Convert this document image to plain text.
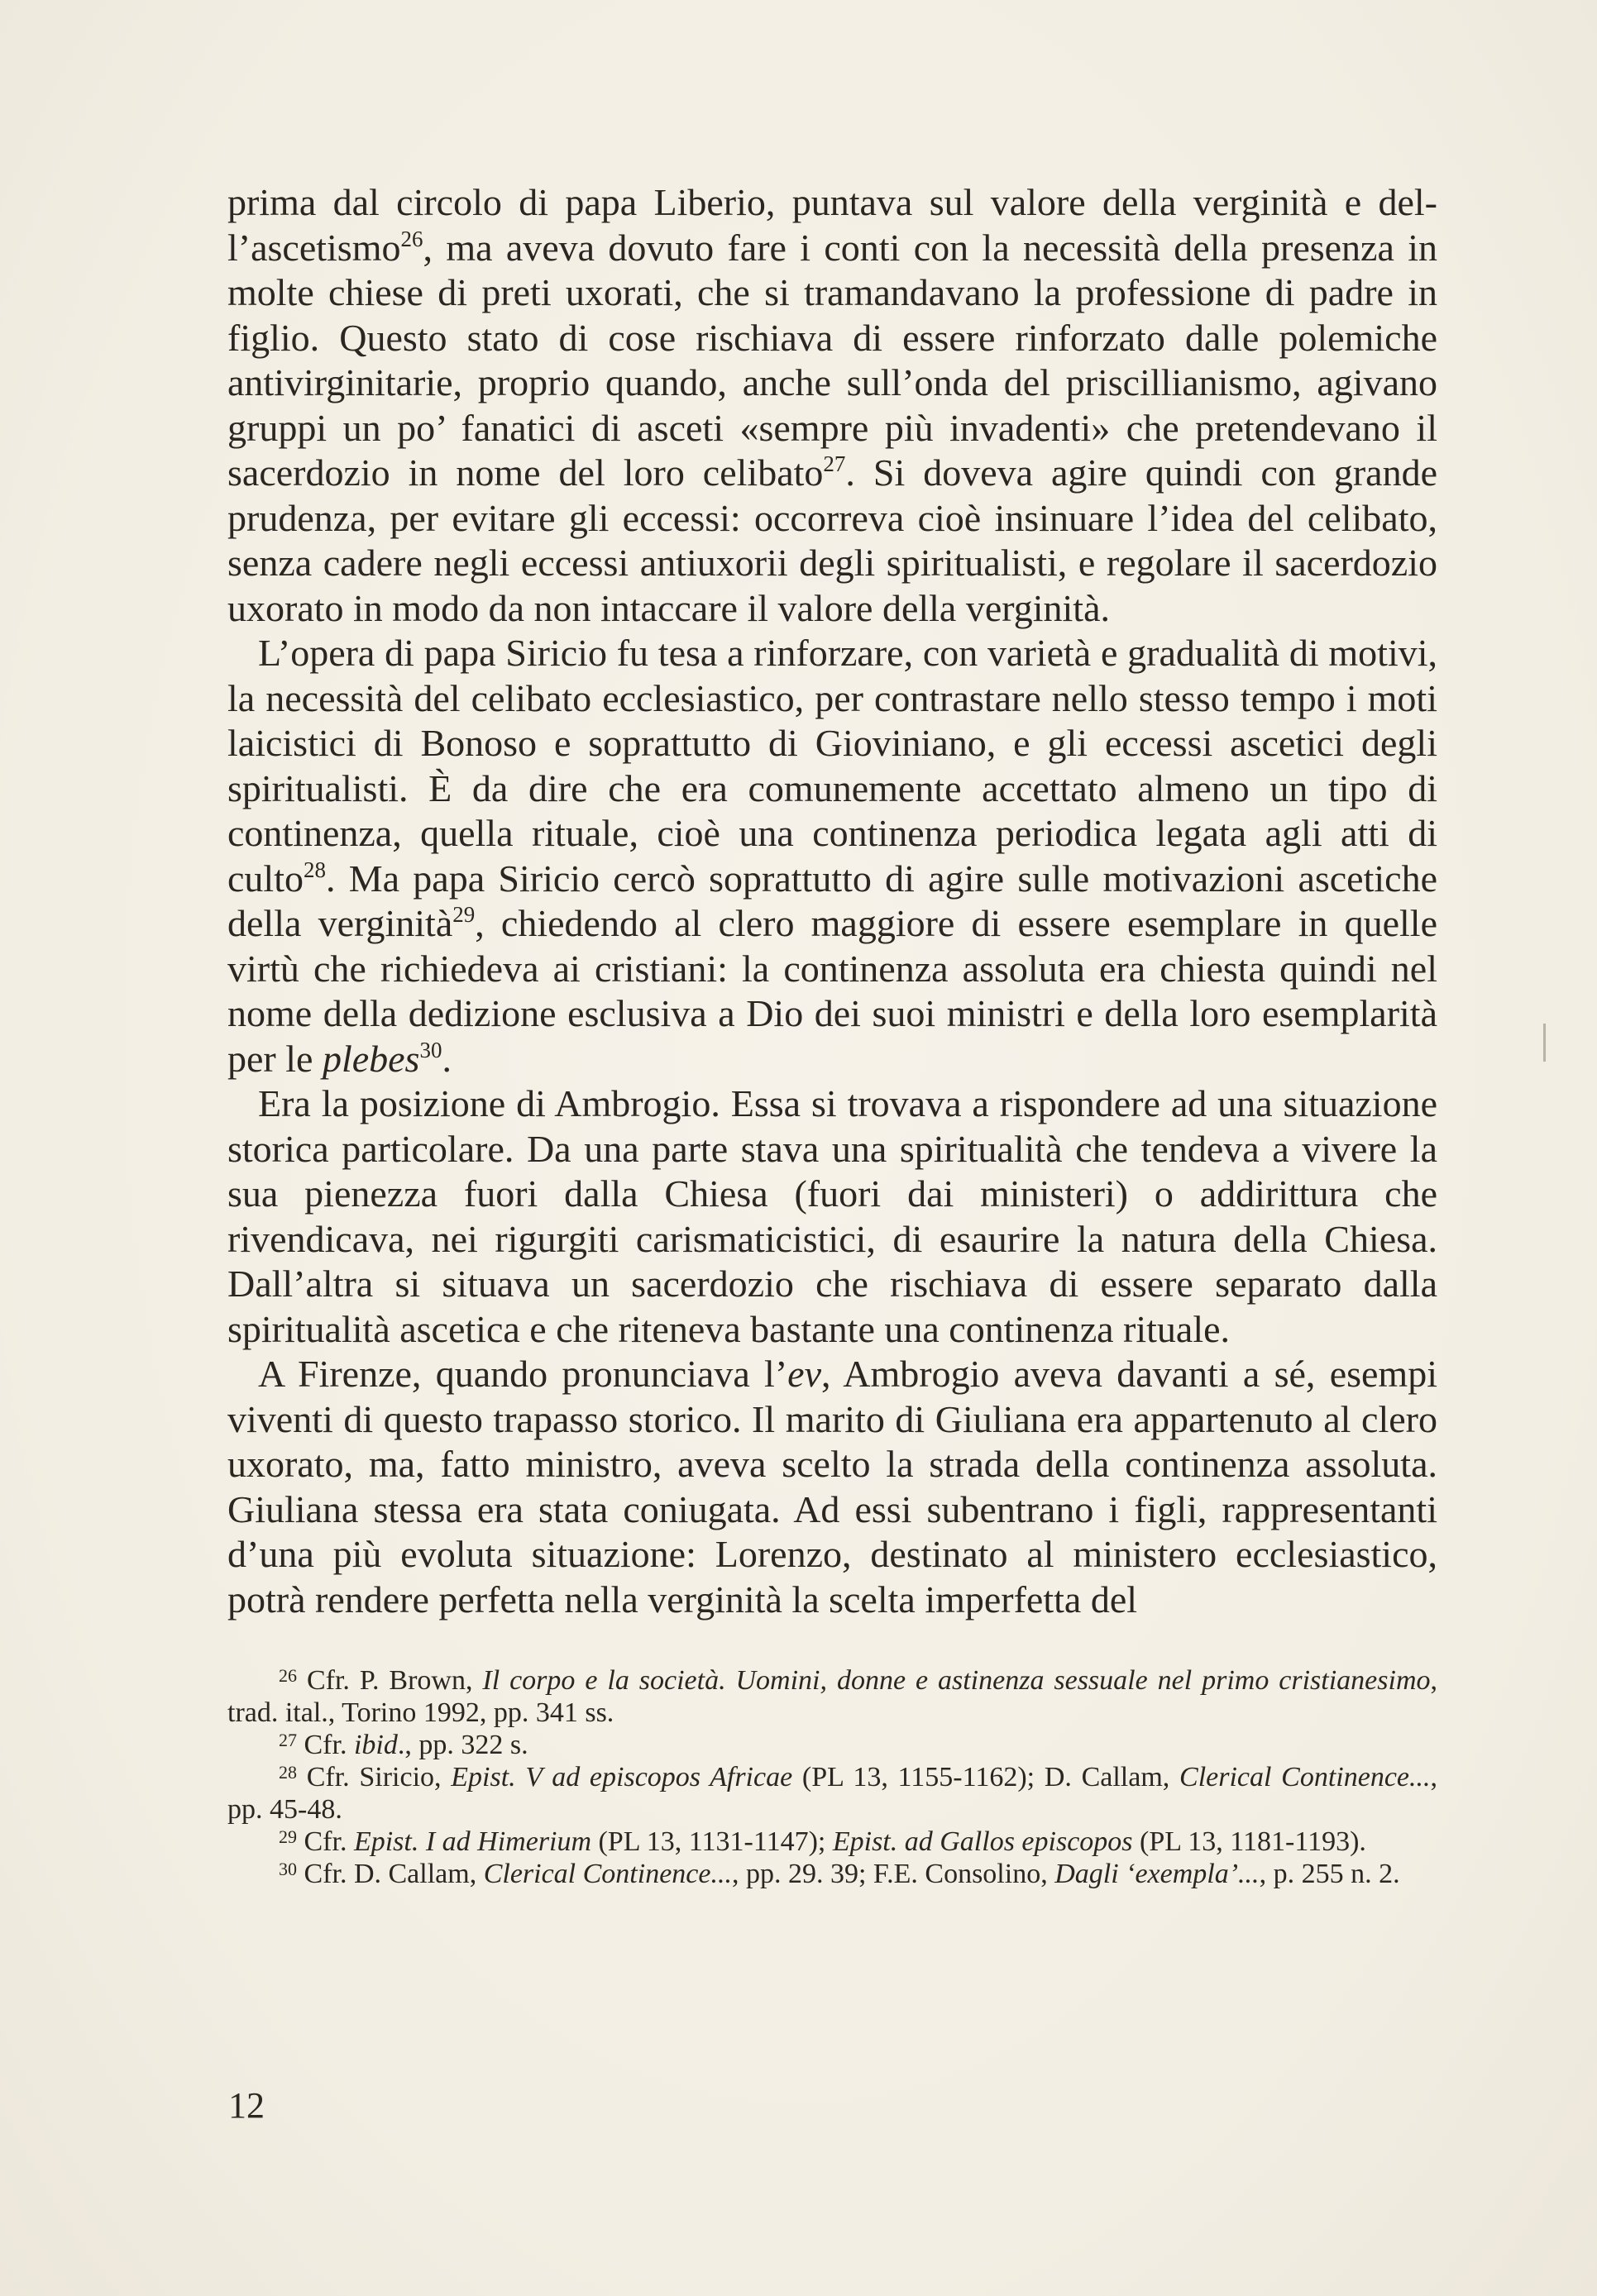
prima dal circolo di papa Liberio, puntava sul valore della verginità e dell’ascetismo$^{26}$, ma aveva dovuto fare i conti con la necessità della presenza in molte chiese di preti uxorati, che si tramandavano la professione di padre in figlio. Questo stato di cose rischiava di essere rinforzato dalle polemiche antivirginitarie, proprio quando, anche sull’onda del priscillianismo, agivano gruppi un po’ fanatici di asceti «sempre più invadenti» che pretendevano il sacerdozio in nome del loro celibato$^{27}$. Si doveva agire quindi con grande prudenza, per evitare gli eccessi: occorreva cioè insinuare l’idea del celibato, senza cadere negli eccessi antiuxorii degli spiritualisti, e regolare il sacerdozio uxorato in modo da non intaccare il valore della verginità.

L’opera di papa Siricio fu tesa a rinforzare, con varietà e gradualità di motivi, la necessità del celibato ecclesiastico, per contrastare nello stesso tempo i moti laicistici di Bonoso e soprattutto di Gioviniano, e gli eccessi ascetici degli spiritualisti. È da dire che era comunemente accettato almeno un tipo di continenza, quella rituale, cioè una continenza periodica legata agli atti di culto$^{28}$. Ma papa Siricio cercò soprattutto di agire sulle motivazioni ascetiche della verginità$^{29}$, chiedendo al clero maggiore di essere esemplare in quelle virtù che richiedeva ai cristiani: la continenza assoluta era chiesta quindi nel nome della dedizione esclusiva a Dio dei suoi ministri e della loro esemplarità per le plebes$^{30}$.

Era la posizione di Ambrogio. Essa si trovava a rispondere ad una situazione storica particolare. Da una parte stava una spiritualità che tendeva a vivere la sua pienezza fuori dalla Chiesa (fuori dai ministeri) o addirittura che rivendicava, nei rigurgiti carismaticistici, di esaurire la natura della Chiesa. Dall’altra si situava un sacerdozio che rischiava di essere separato dalla spiritualità ascetica e che riteneva bastante una continenza rituale.

A Firenze, quando pronunciava l’ev, Ambrogio aveva davanti a sé, esempi viventi di questo trapasso storico. Il marito di Giuliana era appartenuto al clero uxorato, ma, fatto ministro, aveva scelto la strada della continenza assoluta. Giuliana stessa era stata coniugata. Ad essi subentrano i figli, rappresentanti d’una più evoluta situazione: Lorenzo, destinato al ministero ecclesiastico, potrà rendere perfetta nella verginità la scelta imperfetta del

$^{26}$ Cfr. P. Brown, Il corpo e la società. Uomini, donne e astinenza sessuale nel primo cristianesimo, trad. ital., Torino 1992, pp. 341 ss.

$^{27}$ Cfr. ibid., pp. 322 s.

$^{28}$ Cfr. Siricio, Epist. V ad episcopos Africae (PL 13, 1155-1162); D. Callam, Clerical Continence..., pp. 45-48.

$^{29}$ Cfr. Epist. I ad Himerium (PL 13, 1131-1147); Epist. ad Gallos episcopos (PL 13, 1181-1193).

$^{30}$ Cfr. D. Callam, Clerical Continence..., pp. 29. 39; F.E. Consolino, Dagli ‘exempla’..., p. 255 n. 2.

12
